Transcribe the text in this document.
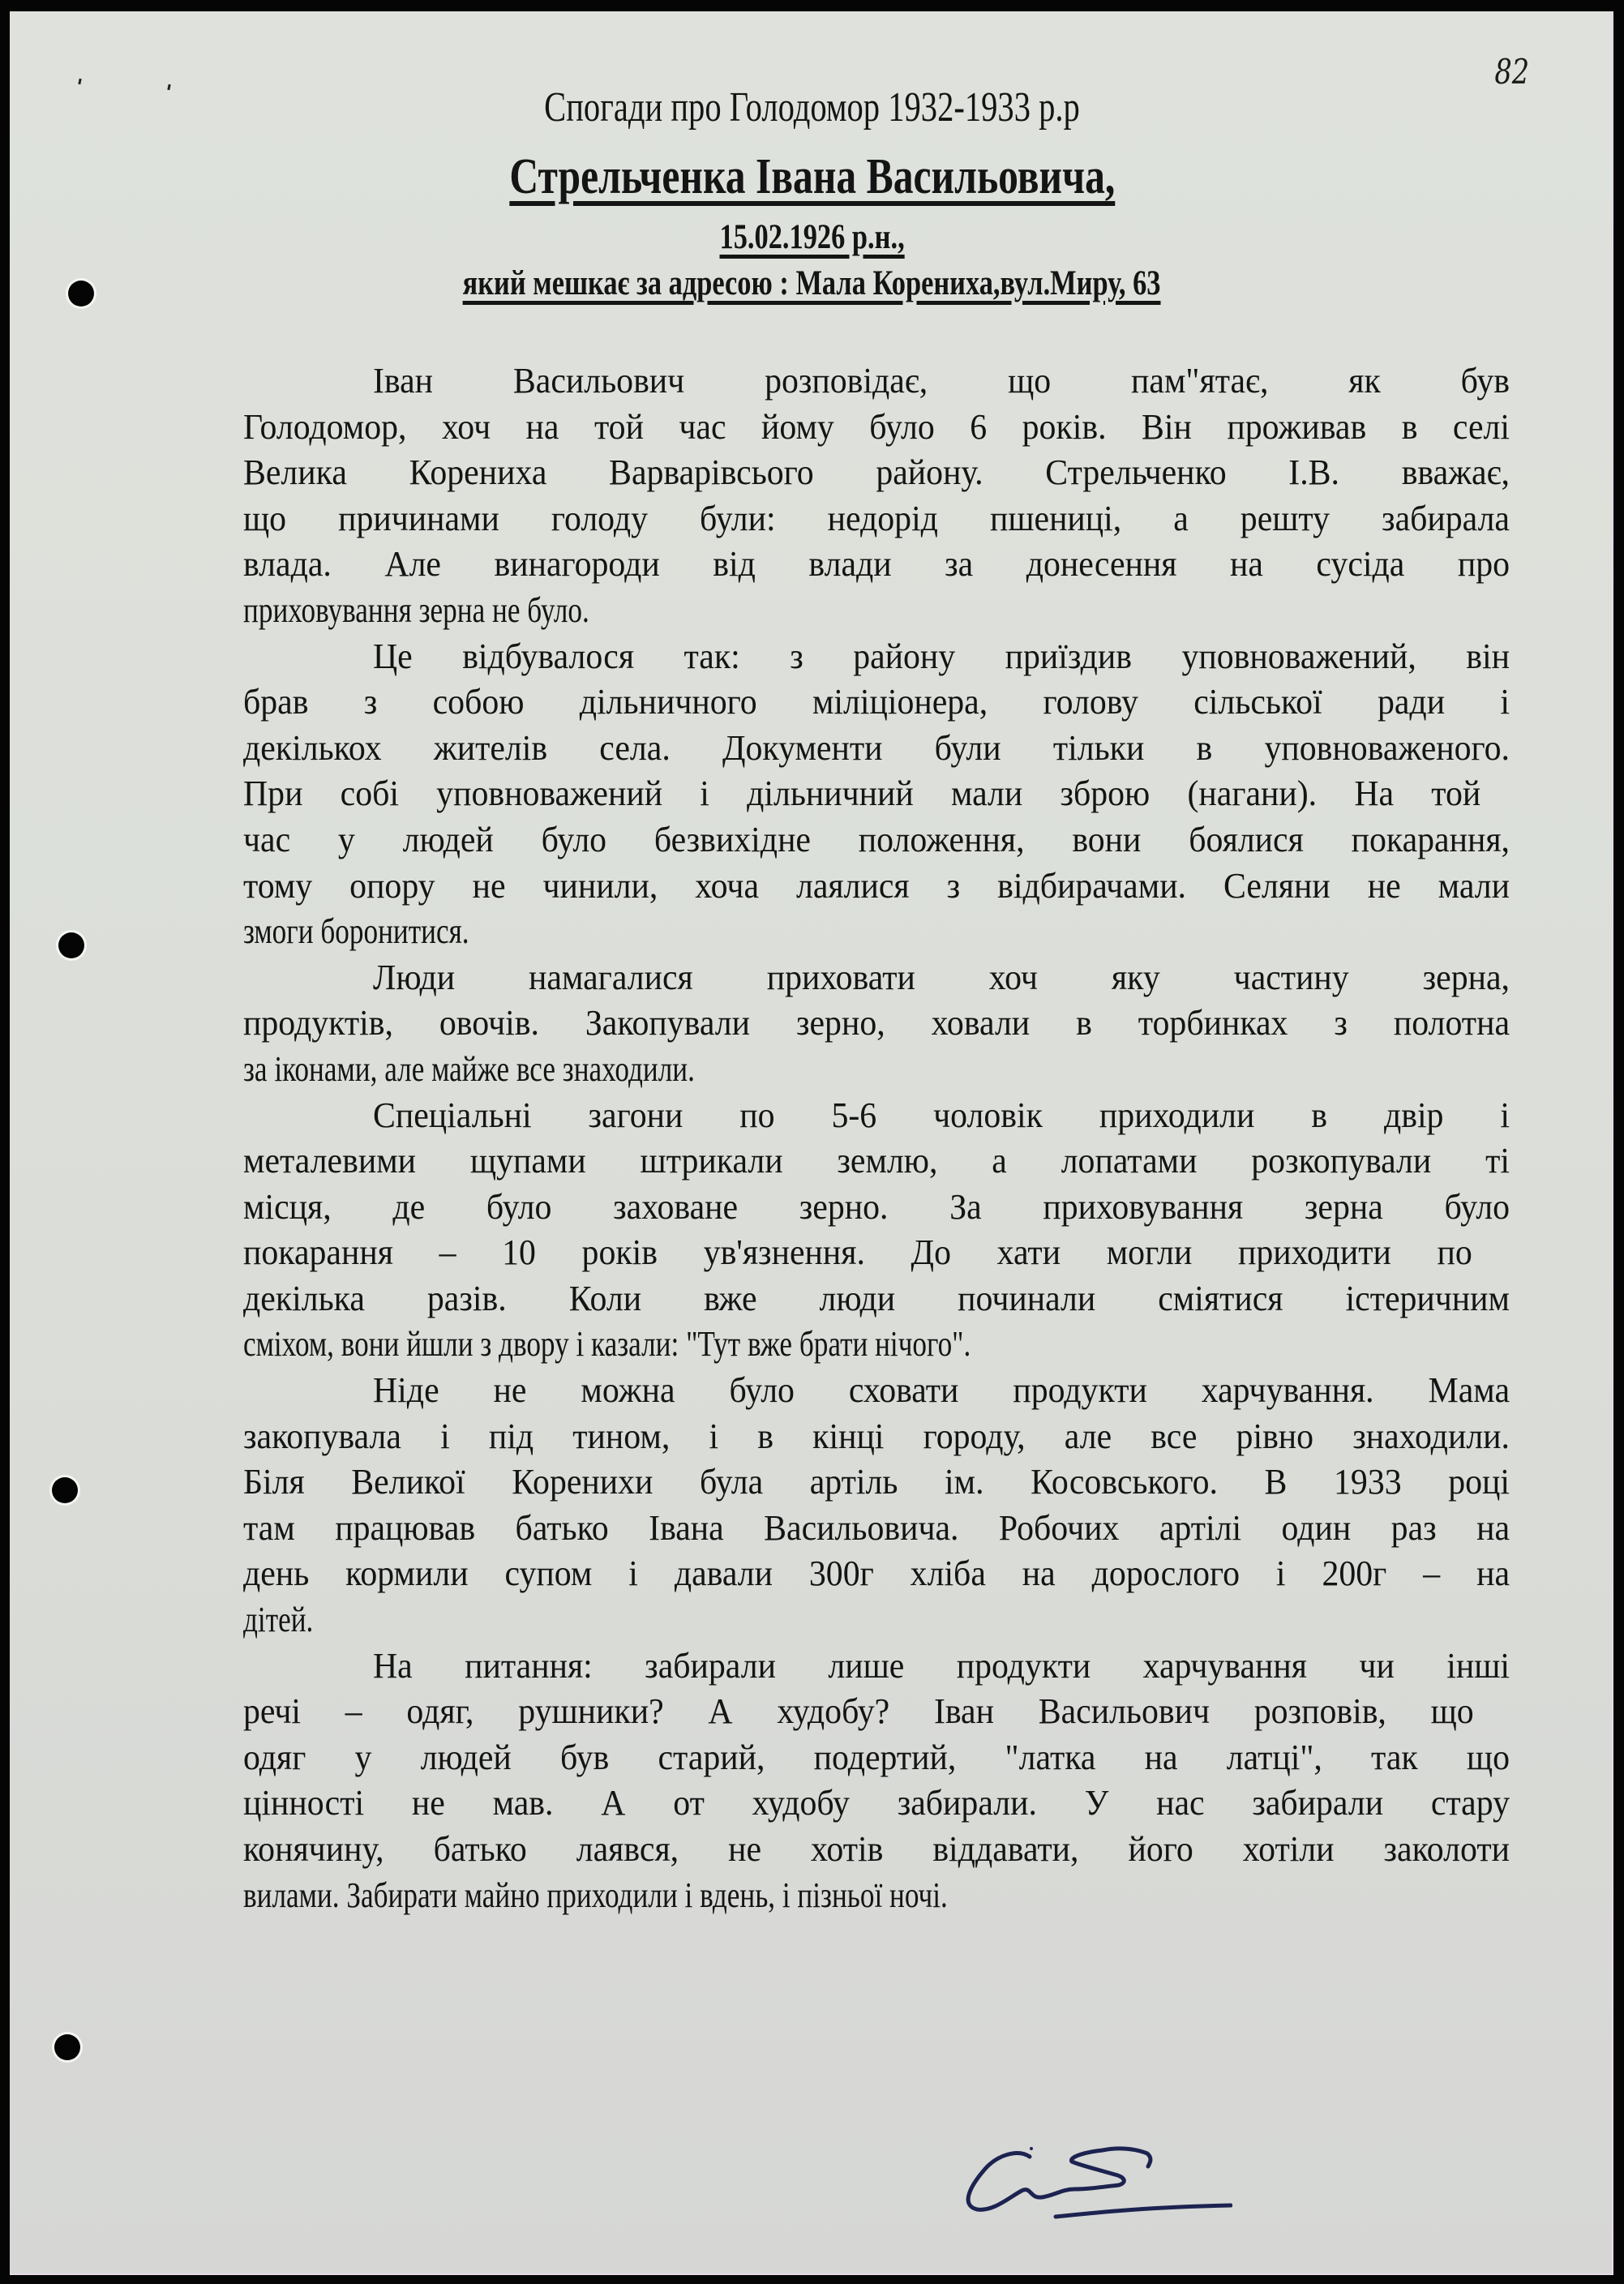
82
Спогади про Голодомор 1932-1933 р.р
Стрельченка Івана Васильовича,
15.02.1926 р.н.,
який мешкає за адресою : Мала Корениха,вул.Миру, 63
Іван Васильович розповідає, що пам"ятає, як був
Голодомор, хоч на той час йому було 6 років. Він проживав в селі
Велика Корениха Варварівсього району. Стрельченко І.В. вважає,
що причинами голоду були: недорід пшениці, а решту забирала
влада. Але винагороди від влади за донесення на сусіда про
приховування зерна не було.
Це відбувалося так: з району приїздив уповноважений, він
брав з собою дільничного міліціонера, голову сільської ради і
декількох жителів села. Документи були тільки в уповноваженого.
При собі уповноважений і дільничний мали зброю (нагани). На той
час у людей було безвихідне положення, вони боялися покарання,
тому опору не чинили, хоча лаялися з відбирачами. Селяни не мали
змоги боронитися.
Люди намагалися приховати хоч яку частину зерна,
продуктів, овочів. Закопували зерно, ховали в торбинках з полотна
за іконами, але майже все знаходили.
Спеціальні загони по 5-6 чоловік приходили в двір і
металевими щупами штрикали землю, а лопатами розкопували ті
місця, де було заховане зерно. За приховування зерна було
покарання – 10 років ув'язнення. До хати могли приходити по
декілька разів. Коли вже люди починали сміятися істеричним
сміхом, вони йшли з двору і казали: "Тут вже брати нічого".
Ніде не можна було сховати продукти харчування. Мама
закопувала і під тином, і в кінці городу, але все рівно знаходили.
Біля Великої Коренихи була артіль ім. Косовського. В 1933 році
там працював батько Івана Васильовича. Робочих артілі один раз на
день кормили супом і давали 300г хліба на дорослого і 200г – на
дітей.
На питання: забирали лише продукти харчування чи інші
речі – одяг, рушники? А худобу? Іван Васильович розповів, що
одяг у людей був старий, подертий, "латка на латці", так що
цінності не мав. А от худобу забирали. У нас забирали стару
конячину, батько лаявся, не хотів віддавати, його хотіли заколоти
вилами. Забирати майно приходили і вдень, і пізньої ночі.
